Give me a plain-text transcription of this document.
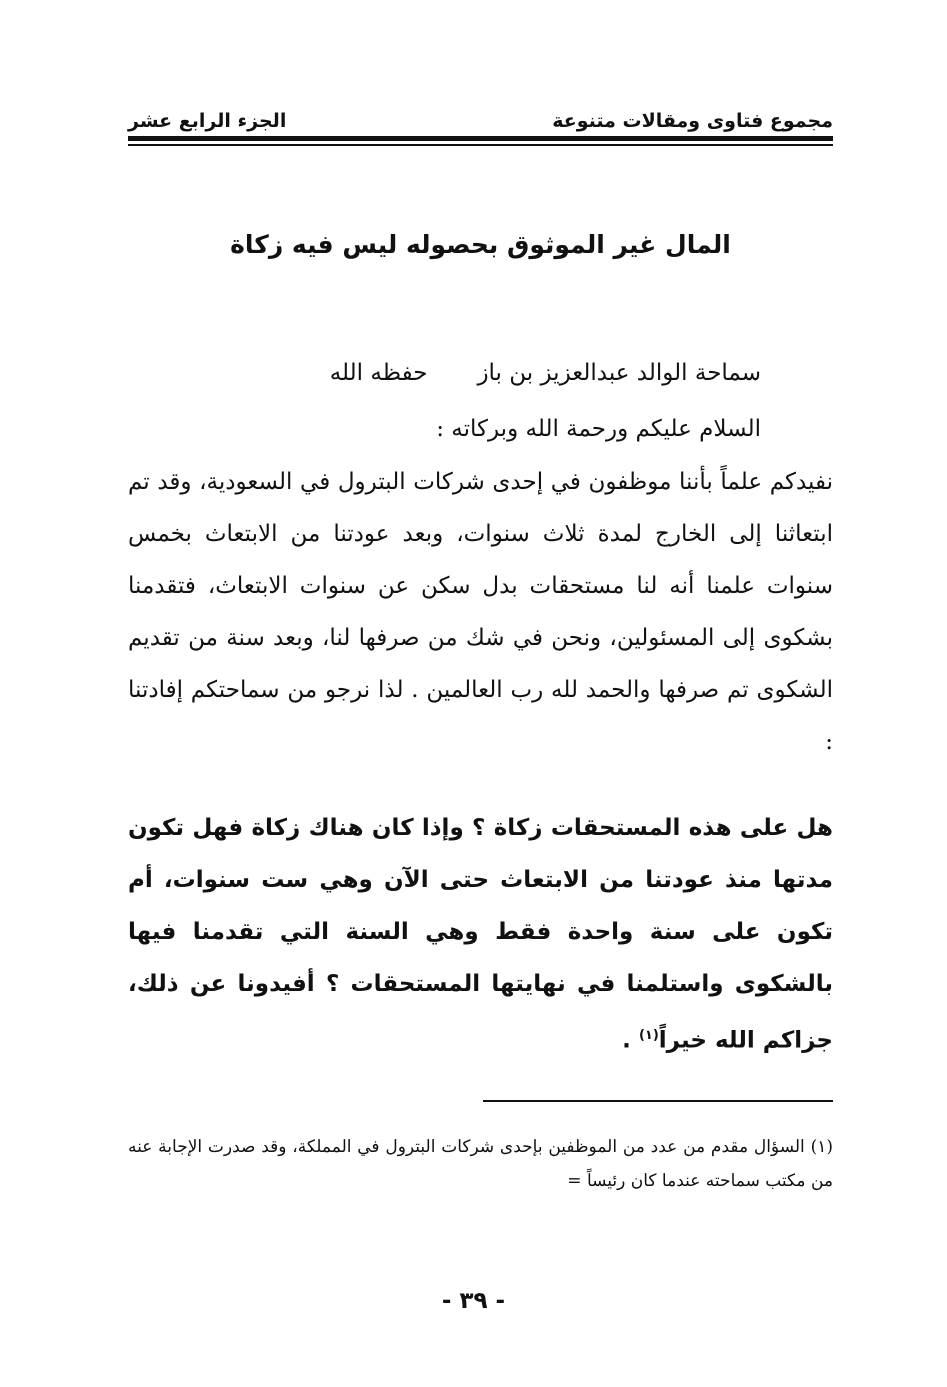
مجموع فتاوى ومقالات متنوعة
الجزء الرابع عشر
المال غير الموثوق بحصوله ليس فيه زكاة
سماحة الوالد عبدالعزيز بن بازحفظه الله
السلام عليكم ورحمة الله وبركاته :
نفيدكم علماً بأننا موظفون في إحدى شركات البترول في السعودية، وقد تم ابتعاثنا إلى الخارج لمدة ثلاث سنوات، وبعد عودتنا من الابتعاث بخمس سنوات علمنا أنه لنا مستحقات بدل سكن عن سنوات الابتعاث، فتقدمنا بشكوى إلى المسئولين، ونحن في شك من صرفها لنا، وبعد سنة من تقديم الشكوى تم صرفها والحمد لله رب العالمين . لذا نرجو من سماحتكم إفادتنا :
هل على هذه المستحقات زكاة ؟ وإذا كان هناك زكاة فهل تكون مدتها منذ عودتنا من الابتعاث حتى الآن وهي ست سنوات، أم تكون على سنة واحدة فقط وهي السنة التي تقدمنا فيها بالشكوى واستلمنا في نهايتها المستحقات ؟ أفيدونا عن ذلك، جزاكم الله خيراً$^{(١)}$ .
(١) السؤال مقدم من عدد من الموظفين بإحدى شركات البترول في المملكة، وقد صدرت الإجابة عنه من مكتب سماحته عندما كان رئيساً =
- ٣٩ -
